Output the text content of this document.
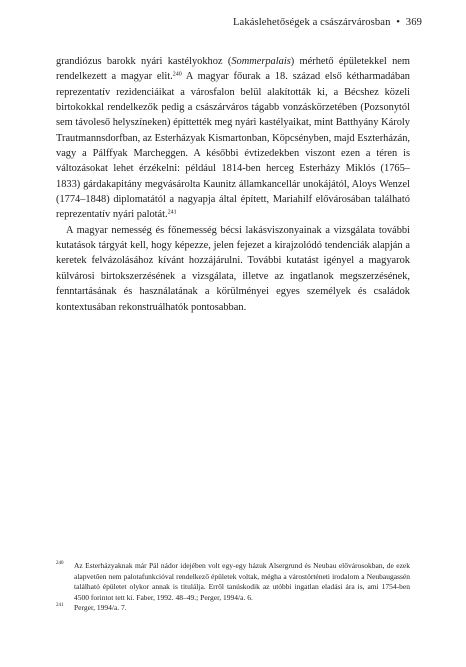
Lakáslehetőségek a császárvárosban • 369

grandiózus barokk nyári kastélyokhoz (Sommerpalais) mérhető épületekkel nem rendelkezett a magyar elit.$^{240}$ A magyar főurak a 18. század első kétharmadában reprezentatív rezidenciáikat a városfalon belül alakították ki, a Bécshez közeli birtokokkal rendelkezők pedig a császárváros tágabb vonzáskörzetében (Pozsonytól sem távoleső helyszíneken) építtették meg nyári kastélyaikat, mint Batthyány Károly Trautmannsdorfban, az Esterházyak Kismartonban, Köpcsényben, majd Eszterházán, vagy a Pálffyak Marcheggen. A későbbi évtizedekben viszont ezen a téren is változásokat lehet érzékelni: például 1814-ben herceg Esterházy Miklós (1765–1833) gárdakapitány megvásárolta Kaunitz államkancellár unokájától, Aloys Wenzel (1774–1848) diplomatától a nagyapja által épített, Mariahilf elővárosában található reprezentatív nyári palotát.$^{241}$

A magyar nemesség és főnemesség bécsi lakásviszonyainak a vizsgálata további kutatások tárgyát kell, hogy képezze, jelen fejezet a kirajzolódó tendenciák alapján a keretek felvázolásához kívánt hozzájárulni. További kutatást igényel a magyarok külvárosi birtokszerzésének a vizsgálata, illetve az ingatlanok megszerzésének, fenntartásának és használatának a körülményei egyes személyek és családok kontextusában rekonstruálhatók pontosabban.

240 Az Esterházyaknak már Pál nádor idejében volt egy-egy házuk Alsergrund és Neubau elővárosokban, de ezek alapvetően nem palotafunkcióval rendelkező épületek voltak, mégha a várostörténeti irodalom a Neubaugassén található épületet olykor annak is titulálja. Erről tanúskodik az utóbbi ingatlan eladási ára is, ami 1754-ben 4500 forintot tett ki. Faber, 1992. 48–49.; Perger, 1994/a. 6.

241 Perger, 1994/a. 7.
